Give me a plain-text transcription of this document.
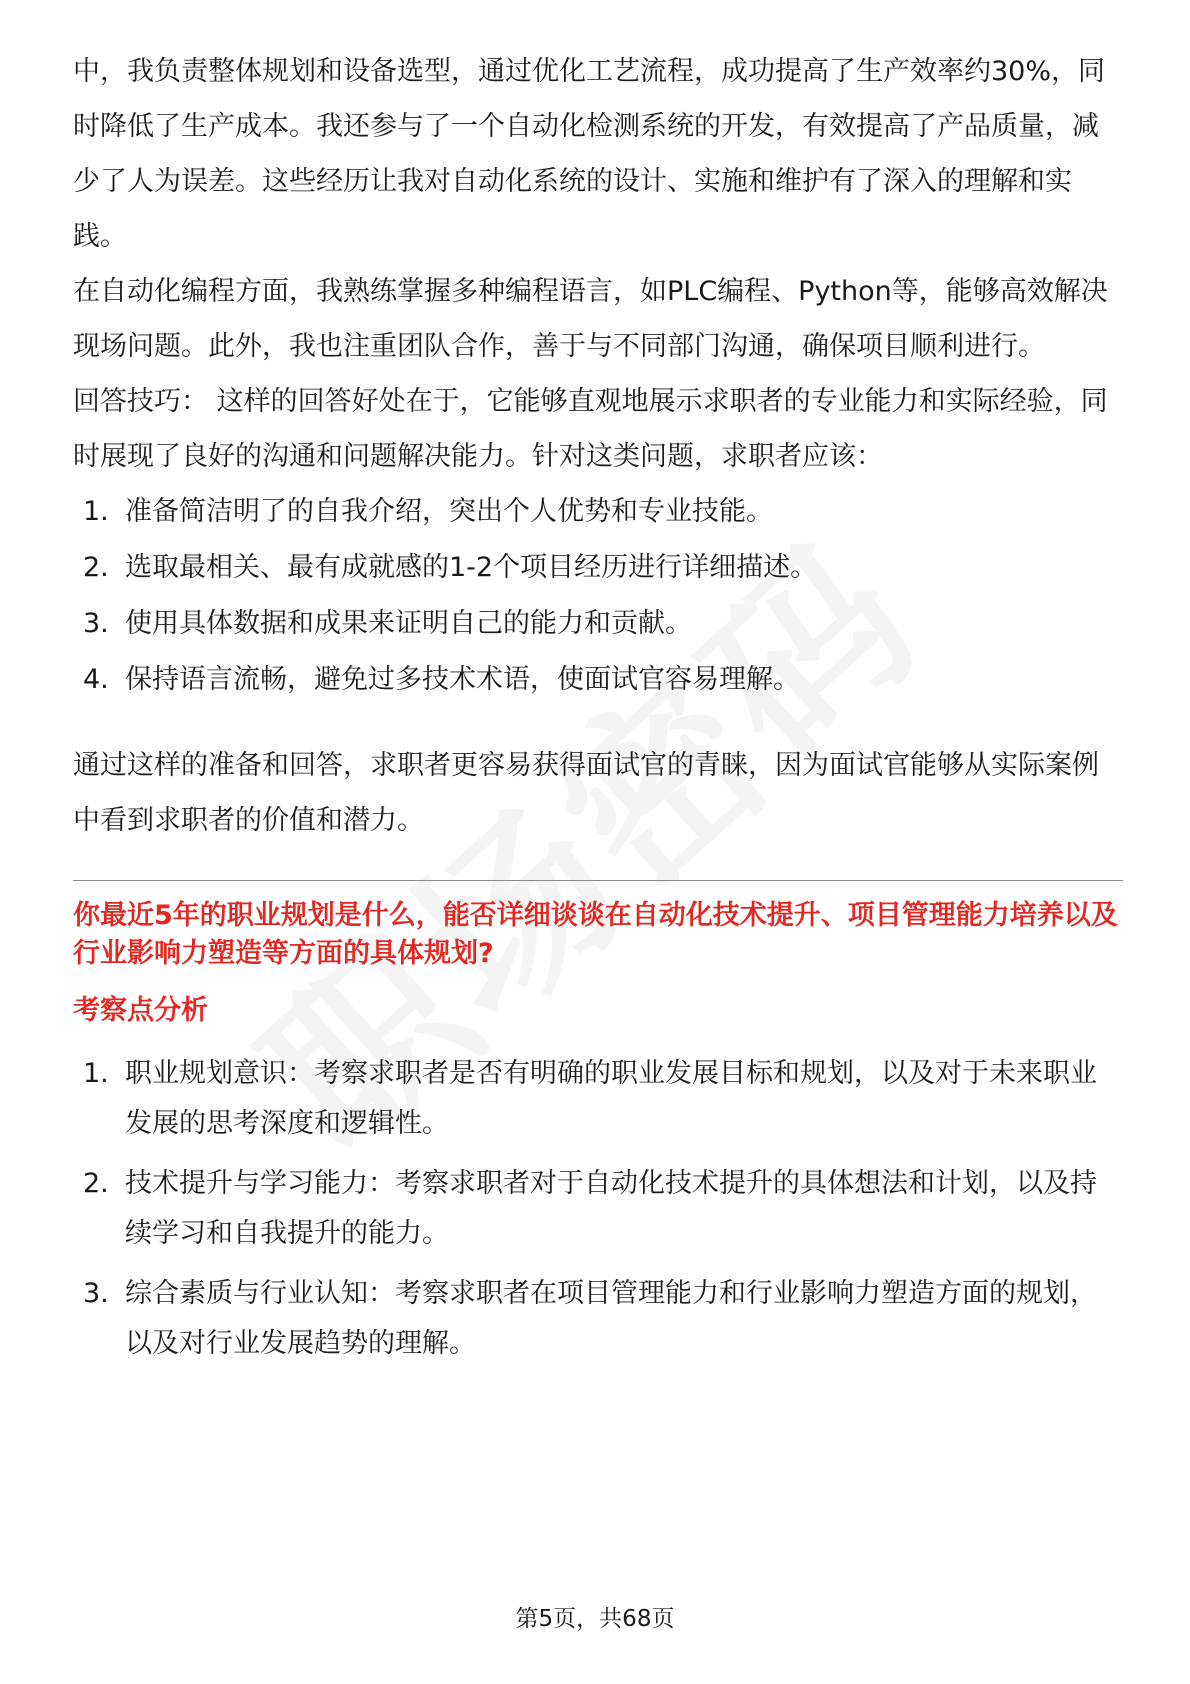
中，我负责整体规划和设备选型，通过优化工艺流程，成功提高了生产效率约30%，同时降低了生产成本。我还参与了一个自动化检测系统的开发，有效提高了产品质量，减少了人为误差。这些经历让我对自动化系统的设计、实施和维护有了深入的理解和实践。

在自动化编程方面，我熟练掌握多种编程语言，如PLC编程、Python等，能够高效解决现场问题。此外，我也注重团队合作，善于与不同部门沟通，确保项目顺利进行。

回答技巧： 这样的回答好处在于，它能够直观地展示求职者的专业能力和实际经验，同时展现了良好的沟通和问题解决能力。针对这类问题，求职者应该：

1. 准备简洁明了的自我介绍，突出个人优势和专业技能。
2. 选取最相关、最有成就感的1-2个项目经历进行详细描述。
3. 使用具体数据和成果来证明自己的能力和贡献。
4. 保持语言流畅，避免过多技术术语，使面试官容易理解。

通过这样的准备和回答，求职者更容易获得面试官的青睐，因为面试官能够从实际案例中看到求职者的价值和潜力。

你最近5年的职业规划是什么，能否详细谈谈在自动化技术提升、项目管理能力培养以及行业影响力塑造等方面的具体规划?
考察点分析
1. 职业规划意识：考察求职者是否有明确的职业发展目标和规划，以及对于未来职业发展的思考深度和逻辑性。
2. 技术提升与学习能力：考察求职者对于自动化技术提升的具体想法和计划，以及持续学习和自我提升的能力。
3. 综合素质与行业认知：考察求职者在项目管理能力和行业影响力塑造方面的规划，以及对行业发展趋势的理解。
第5页，共68页
